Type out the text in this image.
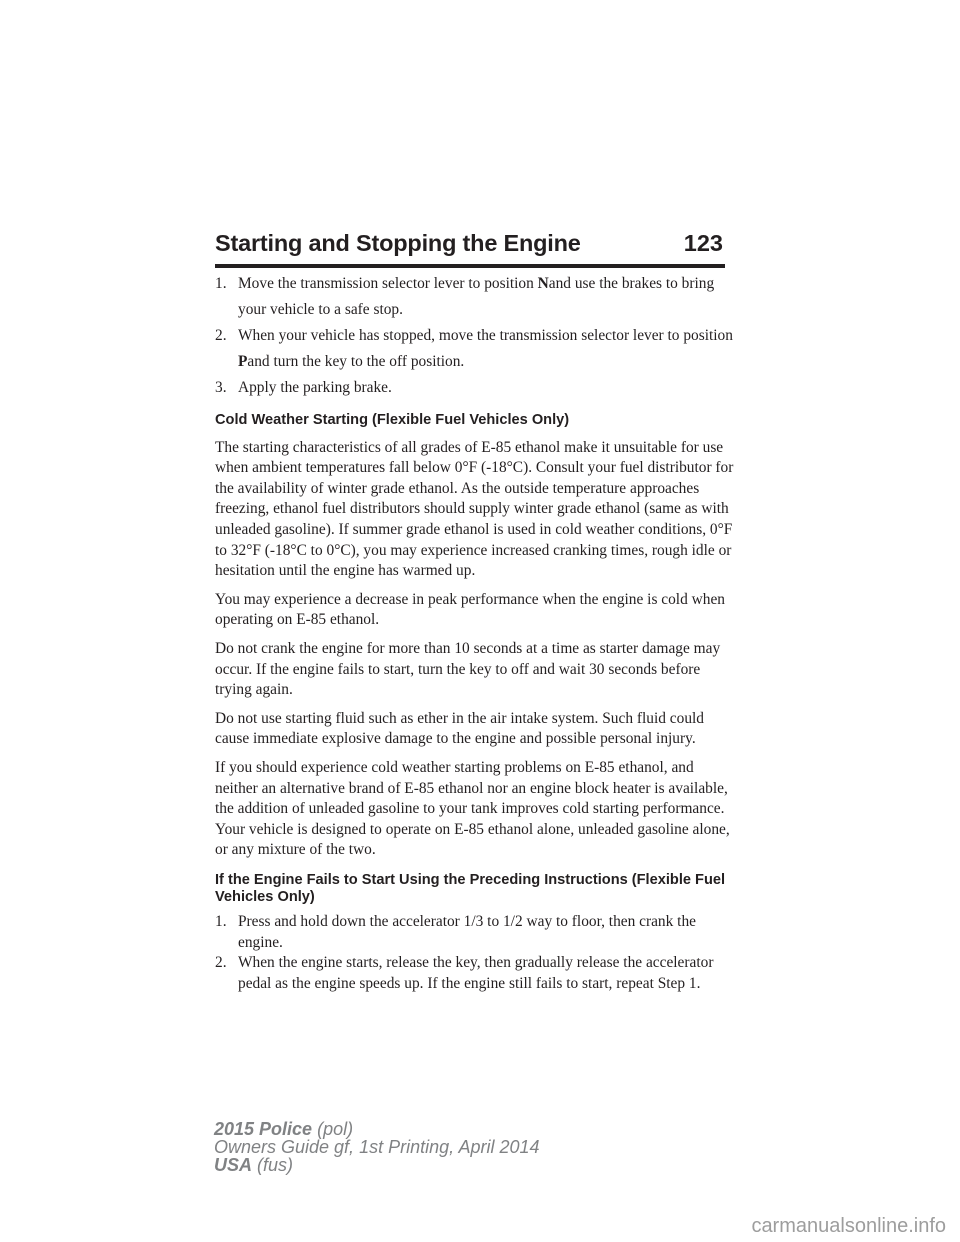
Starting and Stopping the Engine	123
1. Move the transmission selector lever to position Nand use the brakes to bring your vehicle to a safe stop.
2. When your vehicle has stopped, move the transmission selector lever to position Pand turn the key to the off position.
3. Apply the parking brake.
Cold Weather Starting (Flexible Fuel Vehicles Only)

The starting characteristics of all grades of E-85 ethanol make it unsuitable for use when ambient temperatures fall below 0°F (-18°C). Consult your fuel distributor for the availability of winter grade ethanol. As the outside temperature approaches freezing, ethanol fuel distributors should supply winter grade ethanol (same as with unleaded gasoline). If summer grade ethanol is used in cold weather conditions, 0°F to 32°F (-18°C to 0°C), you may experience increased cranking times, rough idle or hesitation until the engine has warmed up.

You may experience a decrease in peak performance when the engine is cold when operating on E-85 ethanol.

Do not crank the engine for more than 10 seconds at a time as starter damage may occur. If the engine fails to start, turn the key to off and wait 30 seconds before trying again.

Do not use starting fluid such as ether in the air intake system. Such fluid could cause immediate explosive damage to the engine and possible personal injury.

If you should experience cold weather starting problems on E-85 ethanol, and neither an alternative brand of E-85 ethanol nor an engine block heater is available, the addition of unleaded gasoline to your tank improves cold starting performance. Your vehicle is designed to operate on E-85 ethanol alone, unleaded gasoline alone, or any mixture of the two.

If the Engine Fails to Start Using the Preceding Instructions (Flexible Fuel Vehicles Only)
1. Press and hold down the accelerator 1/3 to 1/2 way to floor, then crank the engine.
2. When the engine starts, release the key, then gradually release the accelerator pedal as the engine speeds up. If the engine still fails to start, repeat Step 1.
2015 Police (pol)
Owners Guide gf, 1st Printing, April 2014
USA (fus)
carmanualsonline.info
